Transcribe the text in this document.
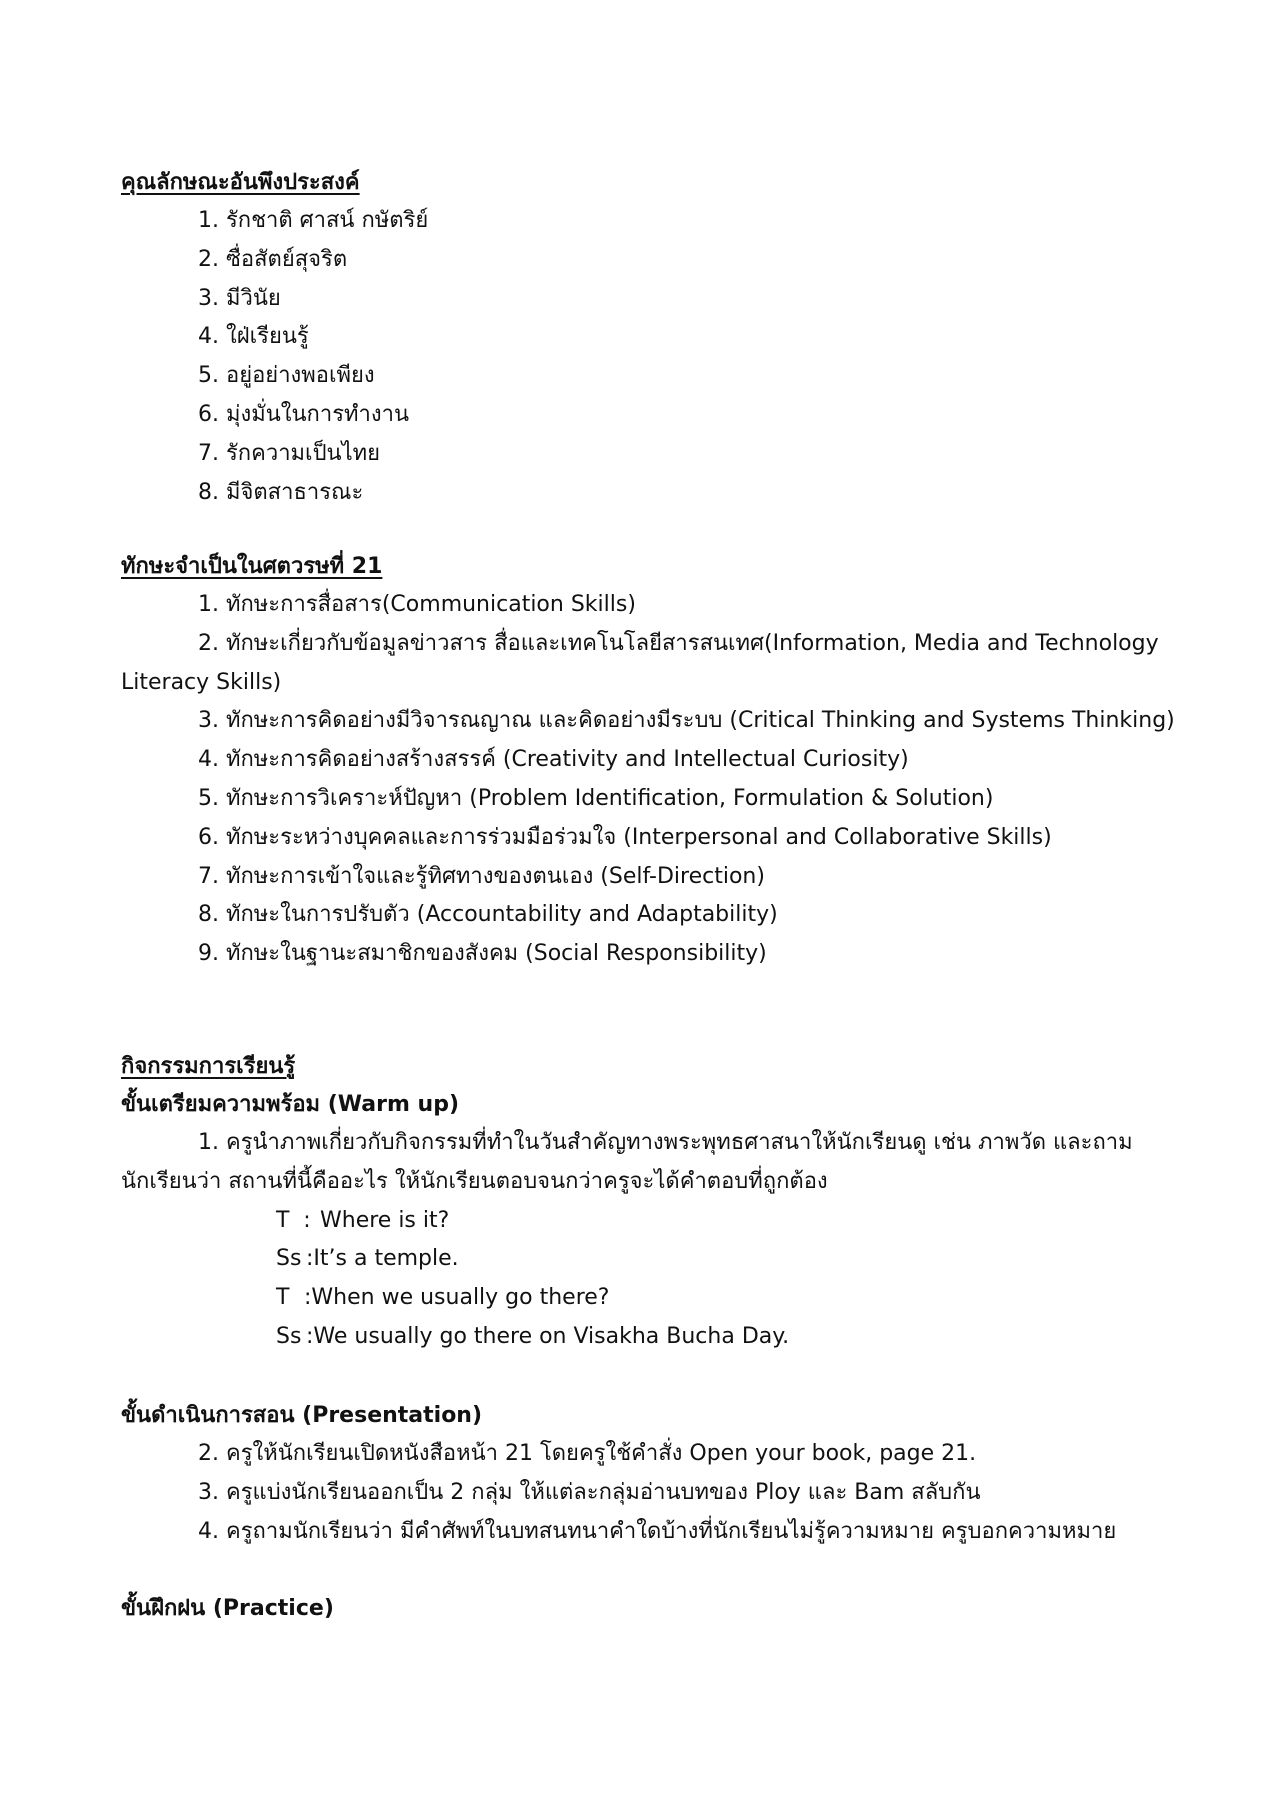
คุณลักษณะอันพึงประสงค์
1. รักชาติ ศาสน์ กษัตริย์
2. ซื่อสัตย์สุจริต
3. มีวินัย
4. ใฝ่เรียนรู้
5. อยู่อย่างพอเพียง
6. มุ่งมั่นในการทำงาน
7. รักความเป็นไทย
8. มีจิตสาธารณะ
ทักษะจำเป็นในศตวรษที่ 21
1. ทักษะการสื่อสาร(Communication Skills)
2. ทักษะเกี่ยวกับข้อมูลข่าวสาร สื่อและเทคโนโลยีสารสนเทศ(Information, Media and Technology
Literacy Skills)
3. ทักษะการคิดอย่างมีวิจารณญาณ และคิดอย่างมีระบบ (Critical Thinking and Systems Thinking)
4. ทักษะการคิดอย่างสร้างสรรค์ (Creativity and Intellectual Curiosity)
5. ทักษะการวิเคราะห์ปัญหา (Problem Identification, Formulation & Solution)
6. ทักษะระหว่างบุคคลและการร่วมมือร่วมใจ (Interpersonal and Collaborative Skills)
7. ทักษะการเข้าใจและรู้ทิศทางของตนเอง (Self-Direction)
8. ทักษะในการปรับตัว (Accountability and Adaptability)
9. ทักษะในฐานะสมาชิกของสังคม (Social Responsibility)
กิจกรรมการเรียนรู้
ขั้นเตรียมความพร้อม (Warm up)
1. ครูนำภาพเกี่ยวกับกิจกรรมที่ทำในวันสำคัญทางพระพุทธศาสนาให้นักเรียนดู เช่น ภาพวัด และถาม
นักเรียนว่า สถานที่นี้คืออะไร ให้นักเรียนตอบจนกว่าครูจะได้คำตอบที่ถูกต้อง
T : Where is it?
Ss :It’s a temple.
T :When we usually go there?
Ss :We usually go there on Visakha Bucha Day.
ขั้นดำเนินการสอน (Presentation)
2. ครูให้นักเรียนเปิดหนังสือหน้า 21 โดยครูใช้คำสั่ง Open your book, page 21.
3. ครูแบ่งนักเรียนออกเป็น 2 กลุ่ม ให้แต่ละกลุ่มอ่านบทของ Ploy และ Bam สลับกัน
4. ครูถามนักเรียนว่า มีคำศัพท์ในบทสนทนาคำใดบ้างที่นักเรียนไม่รู้ความหมาย ครูบอกความหมาย
ขั้นฝึกฝน (Practice)
